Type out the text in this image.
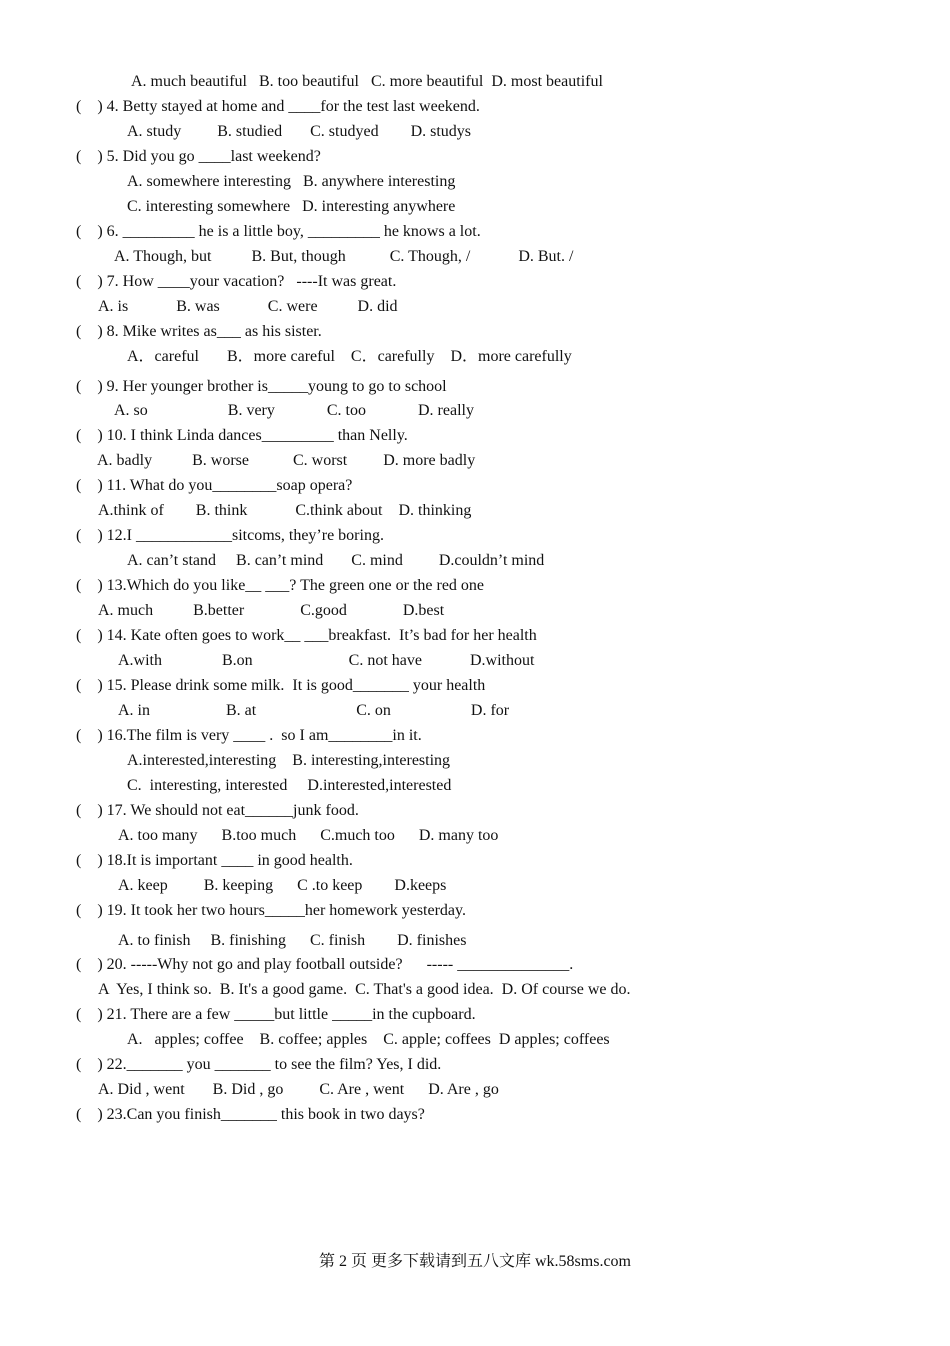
A. much beautiful   B. too beautiful   C. more beautiful  D. most beautiful
(    ) 4. Betty stayed at home and ____for the test last weekend.
A. study         B. studied       C. studyed        D. studys
(    ) 5. Did you go ____last weekend?
A. somewhere interesting   B. anywhere interesting
C. interesting somewhere   D. interesting anywhere
(    ) 6. _________ he is a little boy, _________ he knows a lot.
A. Though, but          B. But, though           C. Though, /            D. But. /
(    ) 7. How ____your vacation?   ----It was great.
A. is            B. was            C. were          D. did
(    ) 8. Mike writes as___ as his sister.
A．careful       B．more careful    C．carefully    D．more carefully
(    ) 9. Her younger brother is_____young to go to school
A. so                    B. very             C. too             D. really
(    ) 10. I think Linda dances_________ than Nelly.
A. badly          B. worse           C. worst         D. more badly
(    ) 11. What do you________soap opera?
A.think of        B. think            C.think about    D. thinking
(    ) 12.I ____________sitcoms, they’re boring.
A. can’t stand     B. can’t mind       C. mind         D.couldn’t mind
(    ) 13.Which do you like__ ___? The green one or the red one
A. much          B.better              C.good              D.best
(    ) 14. Kate often goes to work__ ___breakfast.  It’s bad for her health
A.with               B.on                        C. not have            D.without
(    ) 15. Please drink some milk.  It is good_______ your health
A. in                   B. at                         C. on                    D. for
(    ) 16.The film is very ____ .  so I am________in it.
A.interested,interesting    B. interesting,interesting
C.  interesting, interested     D.interested,interested
(    ) 17. We should not eat______junk food.
A. too many      B.too much      C.much too      D. many too
(    ) 18.It is important ____ in good health.
A. keep         B. keeping      C .to keep        D.keeps
(    ) 19. It took her two hours_____her homework yesterday.
A. to finish     B. finishing      C. finish        D. finishes
(    ) 20. -----Why not go and play football outside?      ----- ______________.
A  Yes, I think so.  B. It's a good game.  C. That's a good idea.  D. Of course we do.
(    ) 21. There are a few _____but little _____in the cupboard.
A.   apples; coffee    B. coffee; apples    C. apple; coffees  D apples; coffees
(    ) 22._______ you _______ to see the film? Yes, I did.
A. Did , went       B. Did , go         C. Are , went      D. Are , go
(    ) 23.Can you finish_______ this book in two days?
第 2 页 更多下载请到五八文库 wk.58sms.com
